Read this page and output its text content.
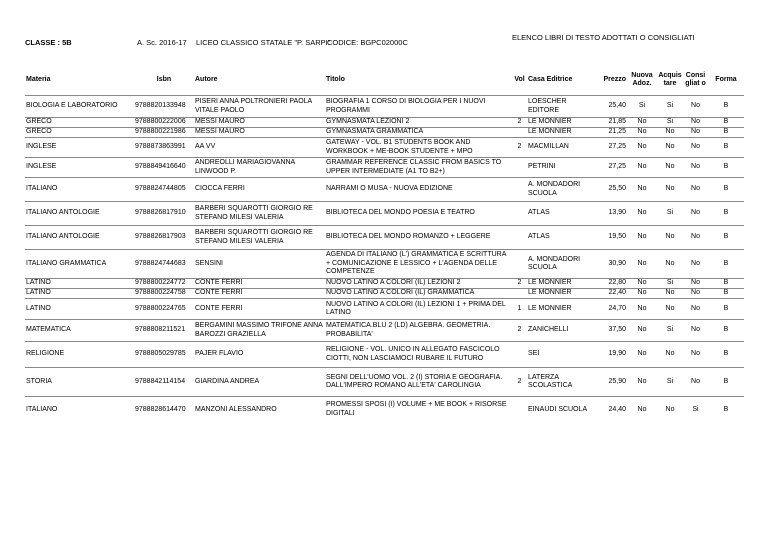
CLASSE : 5B	A. Sc. 2016-17 LICEO CLASSICO STATALE "P. SARPI"
CODICE: BGPC02000C
ELENCO LIBRI DI TESTO ADOTTATI O CONSIGLIATI
Materia	Isbn	Autore	Titolo	Vol	Casa Editrice	Prezzo	Nuova Adoz.	Acquis tare	Consi gliat o	Forma
BIOLOGIA E LABORATORIO	9788820133948	PISERI ANNA POLTRONIERI PAOLA VITALE PAOLO	BIOGRAFIA 1 CORSO DI BIOLOGIA PER I NUOVI PROGRAMMI		LOESCHER EDITORE	25,40	Si	Si	No	B
GRECO	9788800222006	MESSI MAURO	GYMNASMATA LEZIONI 2	2	LE MONNIER	21,85	No	Si	No	B
GRECO	9788800221986	MESSI MAURO	GYMNASMATA GRAMMATICA		LE MONNIER	21,25	No	No	No	B
INGLESE	9788873863991	AA VV	GATEWAY - VOL. B1 STUDENTS BOOK AND WORKBOOK + ME-BOOK STUDENTE + MPO	2	MACMILLAN	27,25	No	No	No	B
INGLESE	9788849416640	ANDREOLLI MARIAGIOVANNA LINWOOD P.	GRAMMAR REFERENCE CLASSIC FROM BASICS TO UPPER INTERMEDIATE (A1 TO B2+)		PETRINI	27,25	No	No	No	B
ITALIANO	9788824744805	CIOCCA FERRI	NARRAMI O MUSA - NUOVA EDIZIONE		A. MONDADORI SCUOLA	25,50	No	No	No	B
ITALIANO ANTOLOGIE	9788826817910	BARBERI SQUAROTTI GIORGIO RE STEFANO MILESI VALERIA	BIBLIOTECA DEL MONDO POESIA E TEATRO		ATLAS	13,90	No	Si	No	B
ITALIANO ANTOLOGIE	9788826817903	BARBERI SQUAROTTI GIORGIO RE STEFANO MILESI VALERIA	BIBLIOTECA DEL MONDO ROMANZO + LEGGERE		ATLAS	19,50	No	No	No	B
ITALIANO GRAMMATICA	9788824744683	SENSINI	AGENDA DI ITALIANO (L') GRAMMATICA E SCRITTURA + COMUNICAZIONE E LESSICO + L'AGENDA DELLE COMPETENZE		A. MONDADORI SCUOLA	30,90	No	No	No	B
LATINO	9788800224772	CONTE FERRI	NUOVO LATINO A COLORI (IL) LEZIONI 2	2	LE MONNIER	22,80	No	Si	No	B
LATINO	9788800224758	CONTE FERRI	NUOVO LATINO A COLORI (IL) GRAMMATICA		LE MONNIER	22,40	No	No	No	B
LATINO	9788800224765	CONTE FERRI	NUOVO LATINO A COLORI (IL) LEZIONI 1 + PRIMA DEL LATINO	1	LE MONNIER	24,70	No	No	No	B
MATEMATICA	9788808211521	BERGAMINI MASSIMO TRIFONE ANNA BAROZZI GRAZIELLA	MATEMATICA.BLU 2 (LD) ALGEBRA. GEOMETRIA. PROBABILITA'	2	ZANICHELLI	37,50	No	Si	No	B
RELIGIONE	9788805029785	PAJER FLAVIO	RELIGIONE - VOL. UNICO IN ALLEGATO FASCICOLO CIOTTI, NON LASCIAMOCI RUBARE IL FUTURO		SEI	19,90	No	No	No	B
STORIA	9788842114154	GIARDINA ANDREA	SEGNI DELL'UOMO VOL. 2 (I) STORIA E GEOGRAFIA. DALL'IMPERO ROMANO ALL'ETA' CAROLINGIA	2	LATERZA SCOLASTICA	25,90	No	Si	No	B
ITALIANO	9788828614470	MANZONI ALESSANDRO	PROMESSI SPOSI (I) VOLUME + ME BOOK + RISORSE DIGITALI		EINAUDI SCUOLA	24,40	No	No	Si	B
